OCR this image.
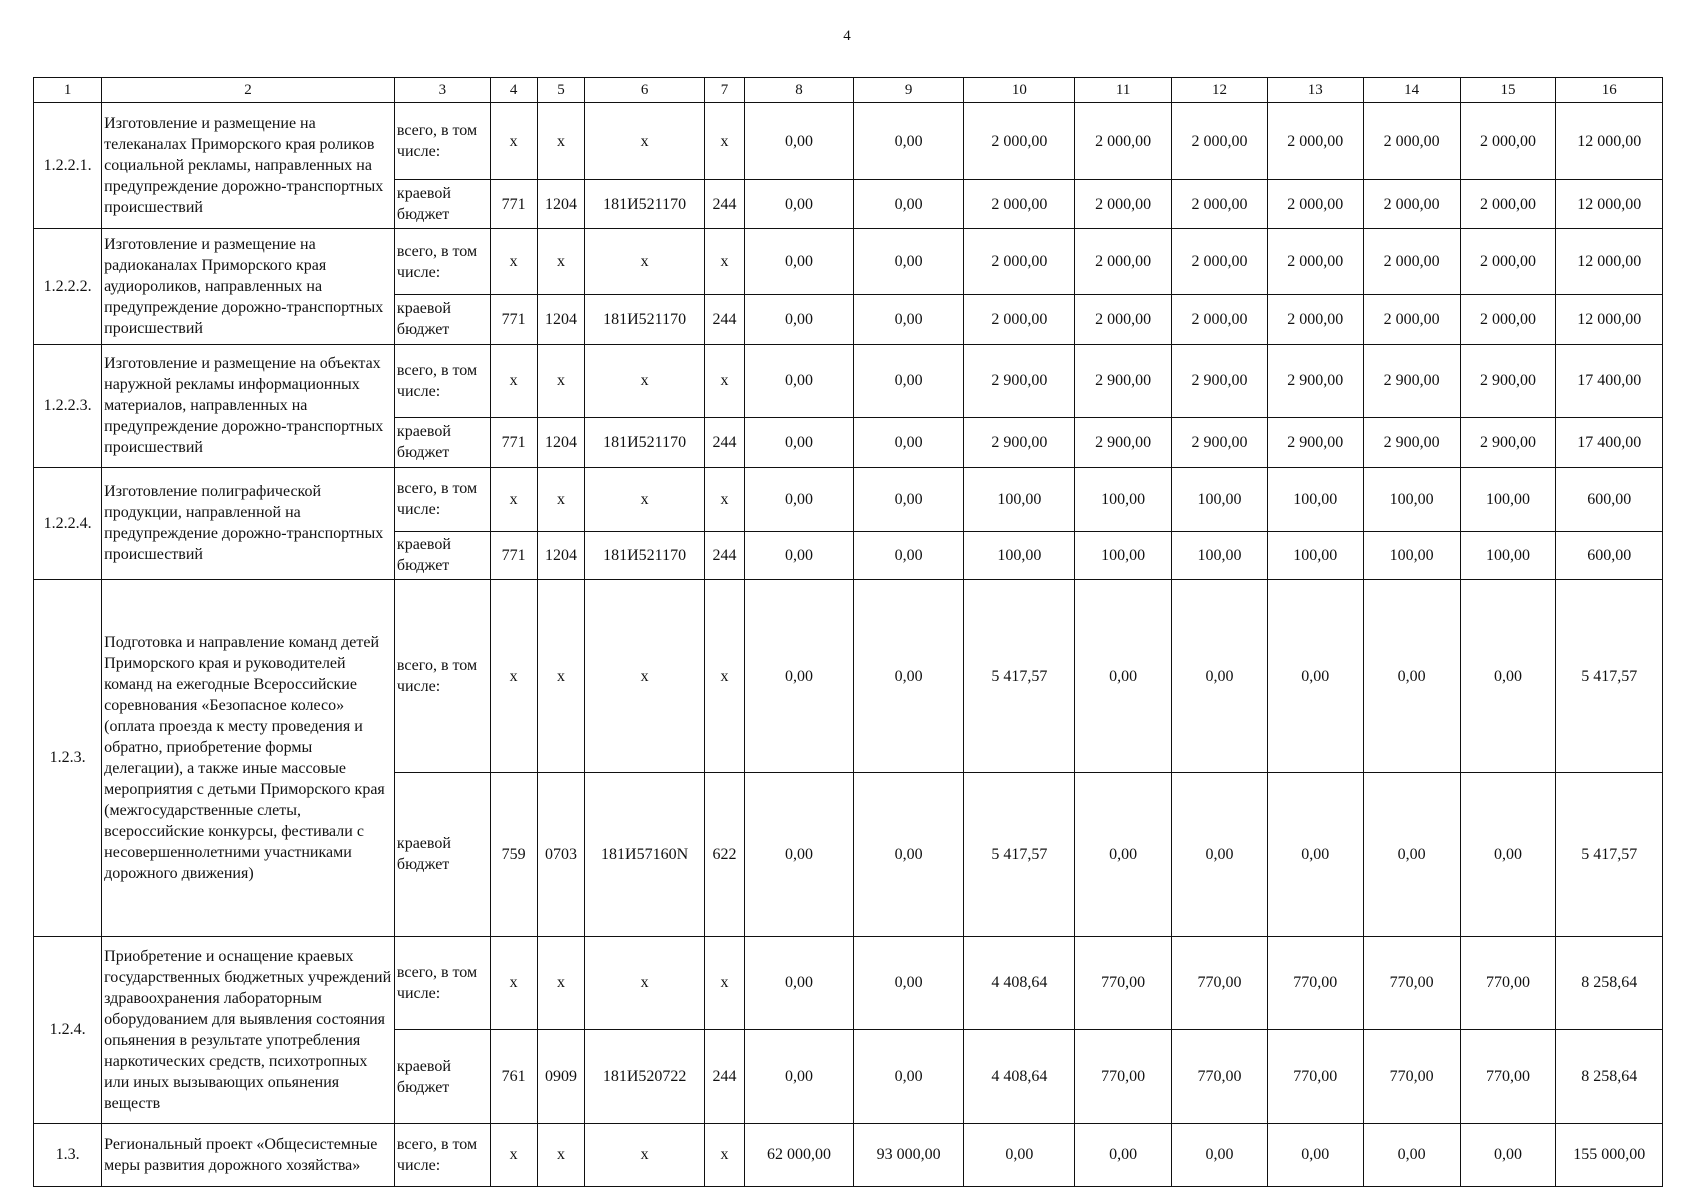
4
1	2	3	4	5	6	7	8	9	10	11	12	13	14	15	16
1.2.2.1.	Изготовление и размещение на телеканалах Приморского края роликов социальной рекламы, направленных на предупреждение дорожно-транспортных происшествий	всего, в том числе:	х	х	х	х	0,00	0,00	2 000,00	2 000,00	2 000,00	2 000,00	2 000,00	2 000,00	12 000,00
		краевой бюджет	771	1204	181И521170	244	0,00	0,00	2 000,00	2 000,00	2 000,00	2 000,00	2 000,00	2 000,00	12 000,00
1.2.2.2.	Изготовление и размещение на радиоканалах Приморского края аудиороликов, направленных на предупреждение дорожно-транспортных происшествий	всего, в том числе:	х	х	х	х	0,00	0,00	2 000,00	2 000,00	2 000,00	2 000,00	2 000,00	2 000,00	12 000,00
		краевой бюджет	771	1204	181И521170	244	0,00	0,00	2 000,00	2 000,00	2 000,00	2 000,00	2 000,00	2 000,00	12 000,00
1.2.2.3.	Изготовление и размещение на объектах наружной рекламы информационных материалов, направленных на предупреждение дорожно-транспортных происшествий	всего, в том числе:	х	х	х	х	0,00	0,00	2 900,00	2 900,00	2 900,00	2 900,00	2 900,00	2 900,00	17 400,00
		краевой бюджет	771	1204	181И521170	244	0,00	0,00	2 900,00	2 900,00	2 900,00	2 900,00	2 900,00	2 900,00	17 400,00
1.2.2.4.	Изготовление полиграфической продукции, направленной на предупреждение дорожно-транспортных происшествий	всего, в том числе:	х	х	х	х	0,00	0,00	100,00	100,00	100,00	100,00	100,00	100,00	600,00
		краевой бюджет	771	1204	181И521170	244	0,00	0,00	100,00	100,00	100,00	100,00	100,00	100,00	600,00
1.2.3.	Подготовка и направление команд детей Приморского края и руководителей команд на ежегодные Всероссийские соревнования «Безопасное колесо» (оплата проезда к месту проведения и обратно, приобретение формы делегации), а также иные массовые мероприятия с детьми Приморского края (межгосударственные слеты, всероссийские конкурсы, фестивали с несовершеннолетними участниками дорожного движения)	всего, в том числе:	х	х	х	х	0,00	0,00	5 417,57	0,00	0,00	0,00	0,00	0,00	5 417,57
		краевой бюджет	759	0703	181И57160N	622	0,00	0,00	5 417,57	0,00	0,00	0,00	0,00	0,00	5 417,57
1.2.4.	Приобретение и оснащение краевых государственных бюджетных учреждений здравоохранения лабораторным оборудованием для выявления состояния опьянения в результате употребления наркотических средств, психотропных или иных вызывающих опьянения веществ	всего, в том числе:	х	х	х	х	0,00	0,00	4 408,64	770,00	770,00	770,00	770,00	770,00	8 258,64
		краевой бюджет	761	0909	181И520722	244	0,00	0,00	4 408,64	770,00	770,00	770,00	770,00	770,00	8 258,64
1.3.	Региональный проект «Общесистемные меры развития дорожного хозяйства»	всего, в том числе:	х	х	х	х	62 000,00	93 000,00	0,00	0,00	0,00	0,00	0,00	0,00	155 000,00
